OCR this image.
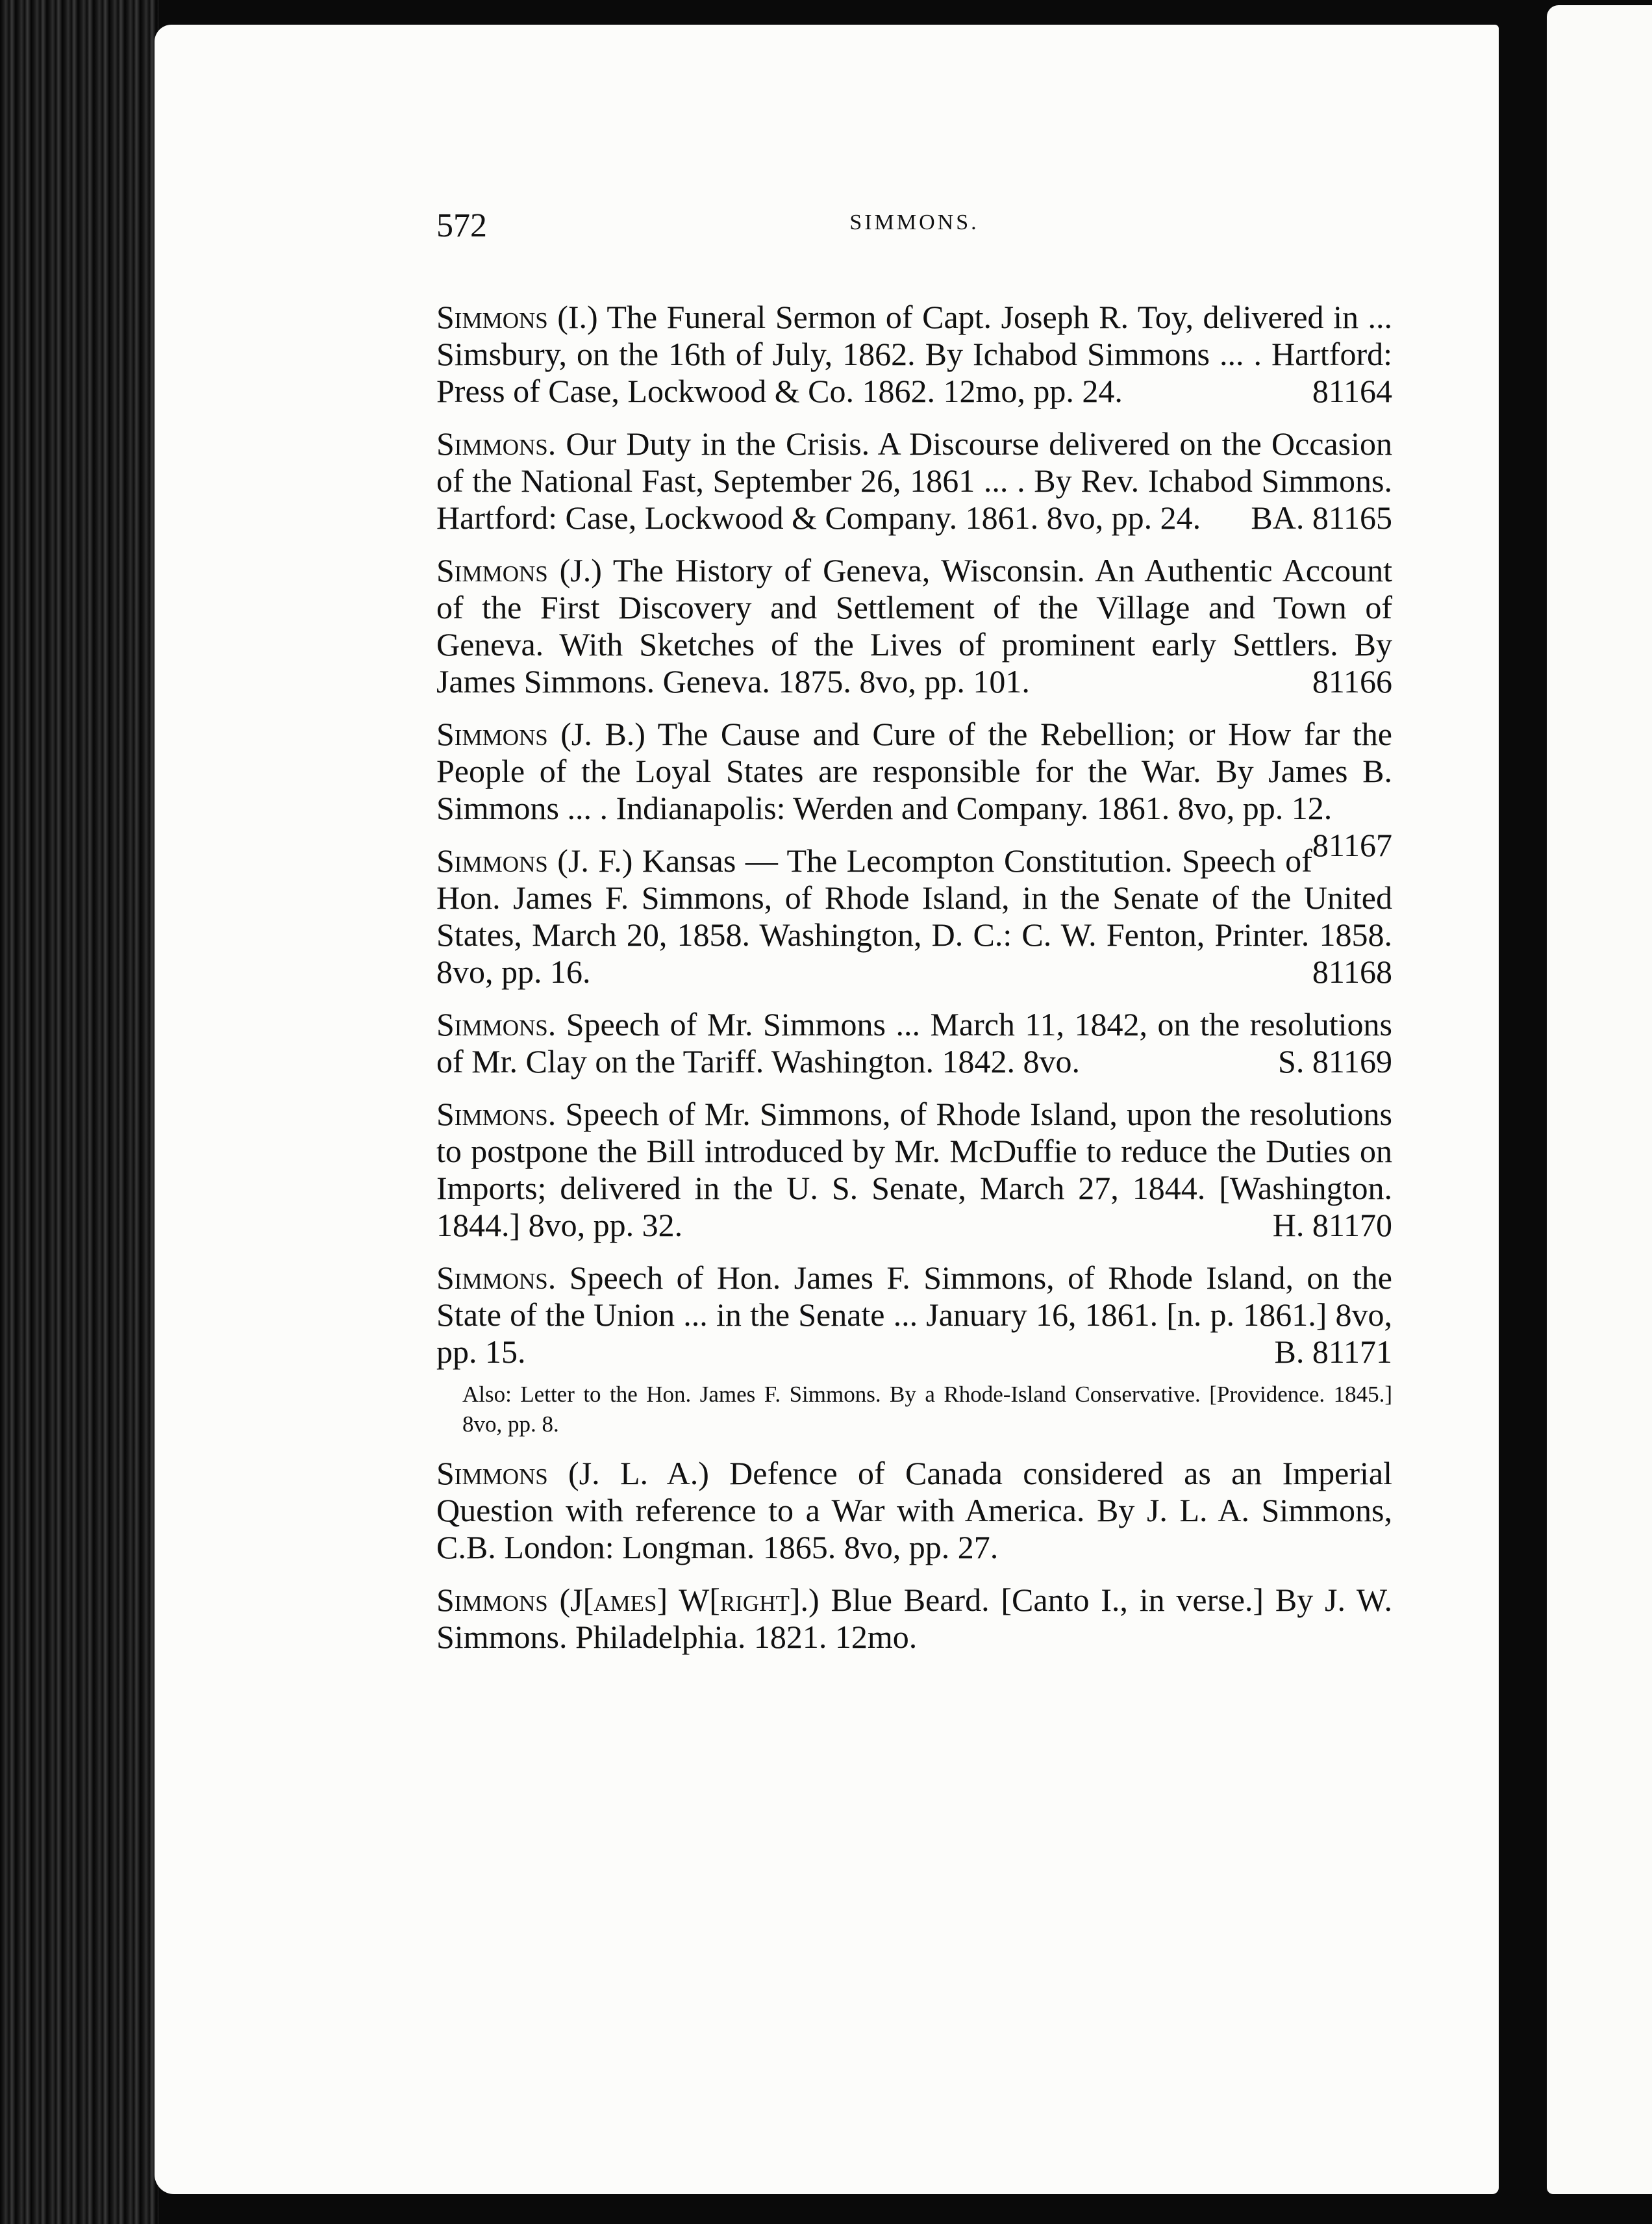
572	SIMMONS.
Simmons (I.) The Funeral Sermon of Capt. Joseph R. Toy, delivered in ... Simsbury, on the 16th of July, 1862. By Ichabod Simmons ... . Hartford: Press of Case, Lockwood & Co. 1862. 12mo, pp. 24.	81164
Simmons. Our Duty in the Crisis. A Discourse delivered on the Occasion of the National Fast, September 26, 1861 ... . By Rev. Ichabod Simmons. Hartford: Case, Lockwood & Company. 1861. 8vo, pp. 24. BA. 81165
Simmons (J.) The History of Geneva, Wisconsin. An Authentic Account of the First Discovery and Settlement of the Village and Town of Geneva. With Sketches of the Lives of prominent early Settlers. By James Simmons. Geneva. 1875. 8vo, pp. 101.	81166
Simmons (J. B.) The Cause and Cure of the Rebellion; or How far the People of the Loyal States are responsible for the War. By James B. Simmons ... . Indianapolis: Werden and Company. 1861. 8vo, pp. 12.
81167
Simmons (J. F.) Kansas — The Lecompton Constitution. Speech of Hon. James F. Simmons, of Rhode Island, in the Senate of the United States, March 20, 1858. Washington, D. C.: C. W. Fenton, Printer. 1858. 8vo, pp. 16.	81168
Simmons. Speech of Mr. Simmons ... March 11, 1842, on the resolutions of Mr. Clay on the Tariff. Washington. 1842. 8vo.	S. 81169
Simmons. Speech of Mr. Simmons, of Rhode Island, upon the resolutions to postpone the Bill introduced by Mr. McDuffie to reduce the Duties on Imports; delivered in the U. S. Senate, March 27, 1844. [Washington. 1844.] 8vo, pp. 32.	H. 81170
Simmons. Speech of Hon. James F. Simmons, of Rhode Island, on the State of the Union ... in the Senate ... January 16, 1861. [n. p. 1861.] 8vo, pp. 15.	B. 81171
Also: Letter to the Hon. James F. Simmons. By a Rhode-Island Conservative. [Providence. 1845.] 8vo, pp. 8.
Simmons (J. L. A.) Defence of Canada considered as an Imperial Question with reference to a War with America. By J. L. A. Simmons, C.B. London: Longman. 1865. 8vo, pp. 27.
Simmons (J[ames] W[right].) Blue Beard. [Canto I., in verse.] By J. W. Simmons. Philadelphia. 1821. 12mo.
